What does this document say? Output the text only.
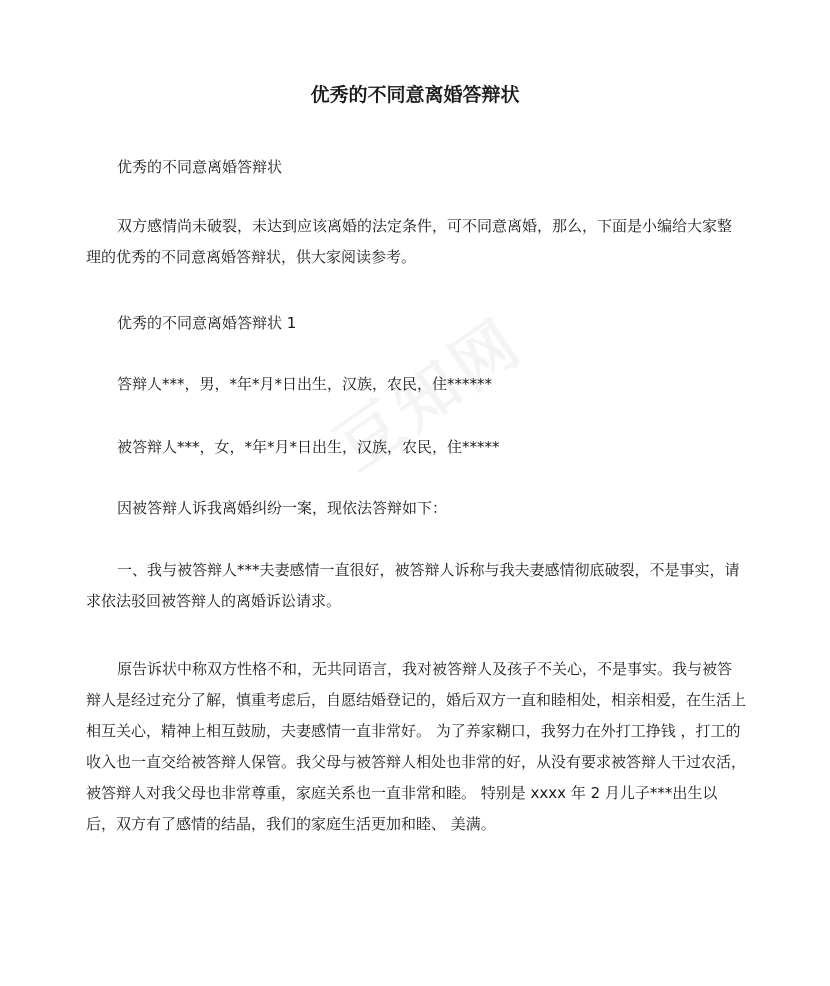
优秀的不同意离婚答辩状

优秀的不同意离婚答辩状

双方感情尚未破裂，未达到应该离婚的法定条件，可不同意离婚，那么，下面是小编给大家整理的优秀的不同意离婚答辩状，供大家阅读参考。

优秀的不同意离婚答辩状 1

答辩人***，男，*年*月*日出生，汉族，农民，住******

被答辩人***，女，*年*月*日出生，汉族，农民，住*****

因被答辩人诉我离婚纠纷一案，现依法答辩如下：

一、我与被答辩人***夫妻感情一直很好，被答辩人诉称与我夫妻感情彻底破裂，不是事实，请求依法驳回被答辩人的离婚诉讼请求。

原告诉状中称双方性格不和，无共同语言，我对被答辩人及孩子不关心，不是事实。我与被答辩人是经过充分了解，慎重考虑后，自愿结婚登记的，婚后双方一直和睦相处，相亲相爱，在生活上相互关心，精神上相互鼓励，夫妻感情一直非常好。 为了养家糊口，我努力在外打工挣钱 ，打工的收入也一直交给被答辩人保管。我父母与被答辩人相处也非常的好，从没有要求被答辩人干过农活，被答辩人对我父母也非常尊重，家庭关系也一直非常和睦。 特别是 xxxx 年 2 月儿子***出生以后，双方有了感情的结晶，我们的家庭生活更加和睦、 美满。
